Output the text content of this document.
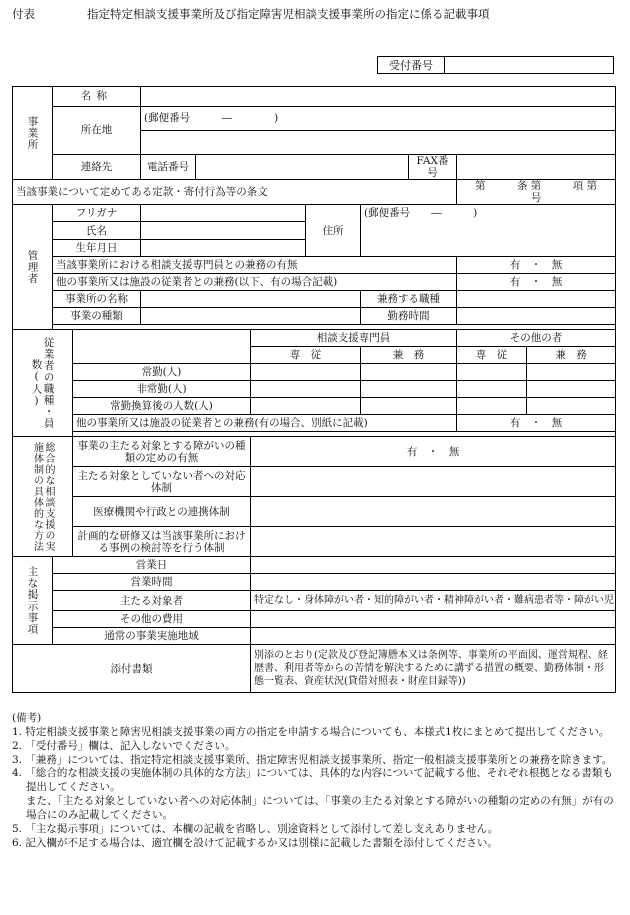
付表	指定特定相談支援事業所及び指定障害児相談支援事業所の指定に係る記載事項
受付番号
事業所	名称									
	所在地		(郵便番号　　　―　　　　)							

	連絡先		電話番号					FAX番号		
当該事業について定めてある定款・寄付行為等の条文									第　　　条 第　　　項 第　　　号	
管理者	フリガナ					住所	(郵便番号　　―　　　)			
	氏名									
	生年月日									
	当該事業所における相談支援専門員との兼務の有無								有　・　無	
	他の事業所又は施設の従業者との兼務(以下、有の場合記載)								有　・　無	
	事業所の名称						兼務する職種			
	事業の種類						勤務時間			

従業者の職種・員数(人)					相談支援専門員				その他の者	
					専　従		兼　務		専　従	兼　務
		常勤(人)								
		非常勤(人)								
		常勤換算後の人数(人)								
		他の事業所又は施設の従業者との兼務(有の場合、別紙に記載)							有　・　無	

総合的な相談支援の実施体制の具体的な方法		事業の主たる対象とする障がいの種類の定めの有無			有　・　無					
		主たる対象としていない者への対応体制								
		医療機関や行政との連携体制								
		計画的な研修又は当該事業所における事例の検討等を行う体制								
主な掲示事項	営業日									
	営業時間									
	主たる対象者				特定なし・身体障がい者・知的障がい者・精神障がい者・難病患者等・障がい児					
	その他の費用									
	通常の事業実施地域									
添付書類					別添のとおり(定款及び登記簿謄本又は条例等、事業所の平面図、運営規程、経歴書、利用者等からの苦情を解決するために講ずる措置の概要、勤務体制・形態一覧表、資産状況(貸借対照表・財産目録等))					

(備考)

1. 特定相談支援事業と障害児相談支援事業の両方の指定を申請する場合についても、本様式1枚にまとめて提出してください。

2. 「受付番号」欄は、記入しないでください。

3. 「兼務」については、指定特定相談支援事業所、指定障害児相談支援事業所、指定一般相談支援事業所との兼務を除きます。

4. 「総合的な相談支援の実施体制の具体的な方法」については、具体的な内容について記載する他、それぞれ根拠となる書類も提出してください。

また、「主たる対象としていない者への対応体制」については、「事業の主たる対象とする障がいの種類の定めの有無」が有の場合にのみ記載してください。

5. 「主な掲示事項」については、本欄の記載を省略し、別途資料として添付して差し支えありません。

6. 記入欄が不足する場合は、適宜欄を設けて記載するか又は別様に記載した書類を添付してください。
